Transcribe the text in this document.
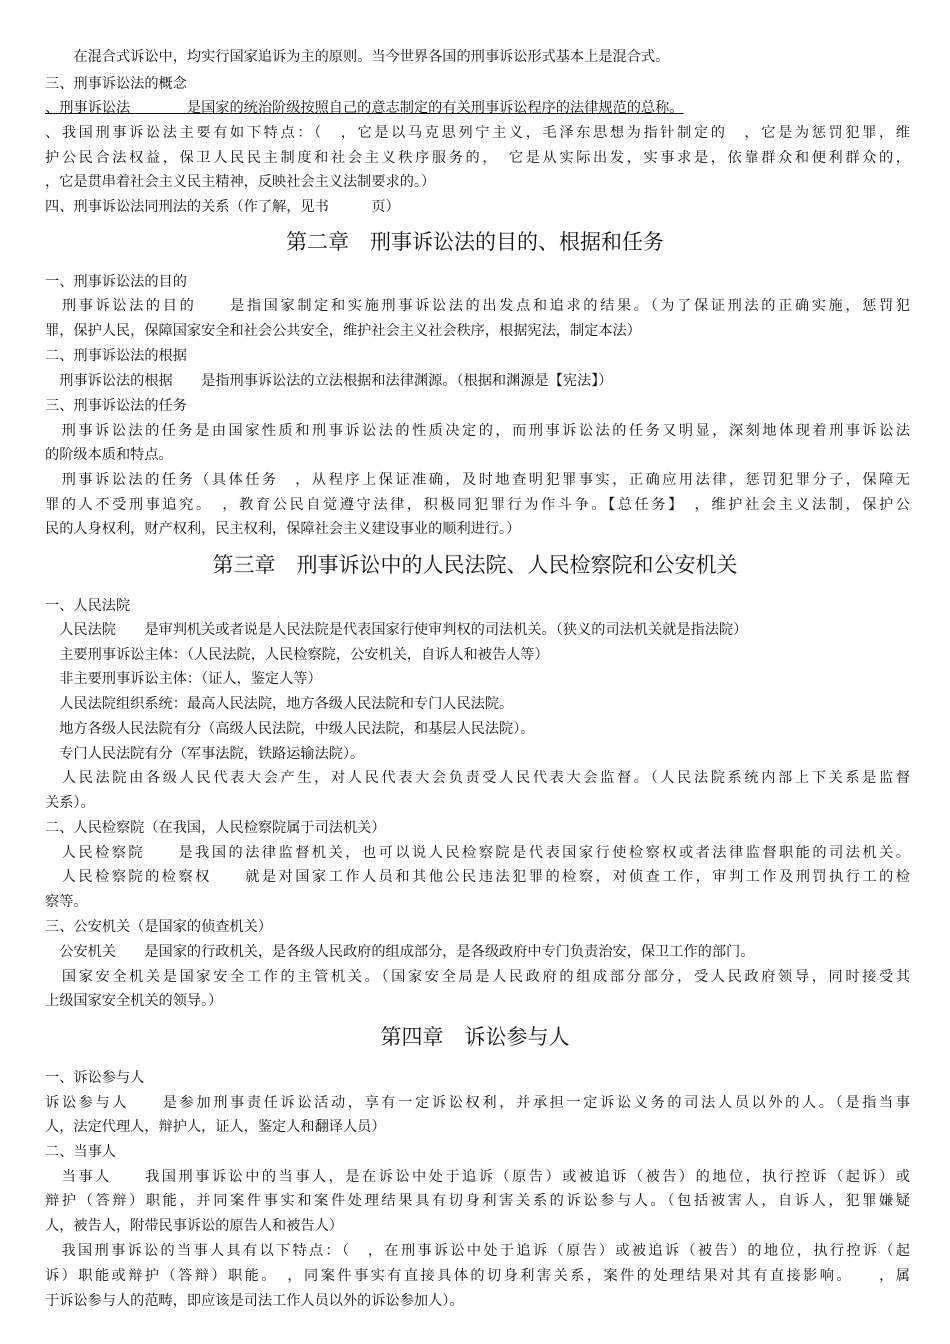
　　在混合式诉讼中，均实行国家追诉为主的原则。当今世界各国的刑事诉讼形式基本上是混合式。
三、刑事诉讼法的概念
、刑事诉讼法　　　　是国家的统治阶级按照自己的意志制定的有关刑事诉讼程序的法律规范的总称。
、我国刑事诉讼法主要有如下特点：（　，它是以马克思列宁主义，毛泽东思想为指针制定的　，它是为惩罚犯罪，维
护公民合法权益，保卫人民民主制度和社会主义秩序服务的，　它是从实际出发，实事求是，依靠群众和便利群众的，
，它是贯串着社会主义民主精神，反映社会主义法制要求的。）
四、刑事诉讼法同刑法的关系（作了解，见书　　　页）
第二章　刑事诉讼法的目的、根据和任务
一、刑事诉讼法的目的
　刑事诉讼法的目的　　是指国家制定和实施刑事诉讼法的出发点和追求的结果。（为了保证刑法的正确实施，惩罚犯
罪，保护人民，保障国家安全和社会公共安全，维护社会主义社会秩序，根据宪法，制定本法）
二、刑事诉讼法的根据
　刑事诉讼法的根据　　是指刑事诉讼法的立法根据和法律渊源。（根据和渊源是【宪法】）
三、刑事诉讼法的任务
　刑事诉讼法的任务是由国家性质和刑事诉讼法的性质决定的，而刑事诉讼法的任务又明显，深刻地体现着刑事诉讼法
的阶级本质和特点。
　刑事诉讼法的任务（具体任务　，从程序上保证准确，及时地查明犯罪事实，正确应用法律，惩罚犯罪分子，保障无
罪的人不受刑事追究。　，教育公民自觉遵守法律，积极同犯罪行为作斗争。【总任务】　，维护社会主义法制，保护公
民的人身权利，财产权利，民主权利，保障社会主义建设事业的顺利进行。）
第三章　刑事诉讼中的人民法院、人民检察院和公安机关
一、人民法院
　人民法院　　是审判机关或者说是人民法院是代表国家行使审判权的司法机关。（狭义的司法机关就是指法院）
　主要刑事诉讼主体：（人民法院，人民检察院，公安机关，自诉人和被告人等）
　非主要刑事诉讼主体：（证人，鉴定人等）
　人民法院组织系统：最高人民法院，地方各级人民法院和专门人民法院。
　地方各级人民法院有分（高级人民法院，中级人民法院，和基层人民法院）。
　专门人民法院有分（军事法院，铁路运输法院）。
　人民法院由各级人民代表大会产生，对人民代表大会负责受人民代表大会监督。（人民法院系统内部上下关系是监督
关系）。
二、人民检察院（在我国，人民检察院属于司法机关）
　人民检察院　　是我国的法律监督机关，也可以说人民检察院是代表国家行使检察权或者法律监督职能的司法机关。
　人民检察院的检察权　　就是对国家工作人员和其他公民违法犯罪的检察，对侦查工作，审判工作及刑罚执行工的检
察等。
三、公安机关（是国家的侦查机关）
　公安机关　　是国家的行政机关，是各级人民政府的组成部分，是各级政府中专门负责治安，保卫工作的部门。
　国家安全机关是国家安全工作的主管机关。（国家安全局是人民政府的组成部分部分，受人民政府领导，同时接受其
上级国家安全机关的领导。）
第四章　诉讼参与人
一、诉讼参与人
诉讼参与人　　是参加刑事责任诉讼活动，享有一定诉讼权利，并承担一定诉讼义务的司法人员以外的人。（是指当事
人，法定代理人，辩护人，证人，鉴定人和翻译人员）
二、当事人
　当事人　　我国刑事诉讼中的当事人，是在诉讼中处于追诉（原告）或被追诉（被告）的地位，执行控诉（起诉）或
辩护（答辩）职能，并同案件事实和案件处理结果具有切身利害关系的诉讼参与人。（包括被害人，自诉人，犯罪嫌疑
人，被告人，附带民事诉讼的原告人和被告人）
　我国刑事诉讼的当事人具有以下特点：（　，在刑事诉讼中处于追诉（原告）或被追诉（被告）的地位，执行控诉（起
诉）职能或辩护（答辩）职能。　，同案件事实有直接具体的切身利害关系，案件的处理结果对其有直接影响。　　，属
于诉讼参与人的范畴，即应该是司法工作人员以外的诉讼参加人）。
